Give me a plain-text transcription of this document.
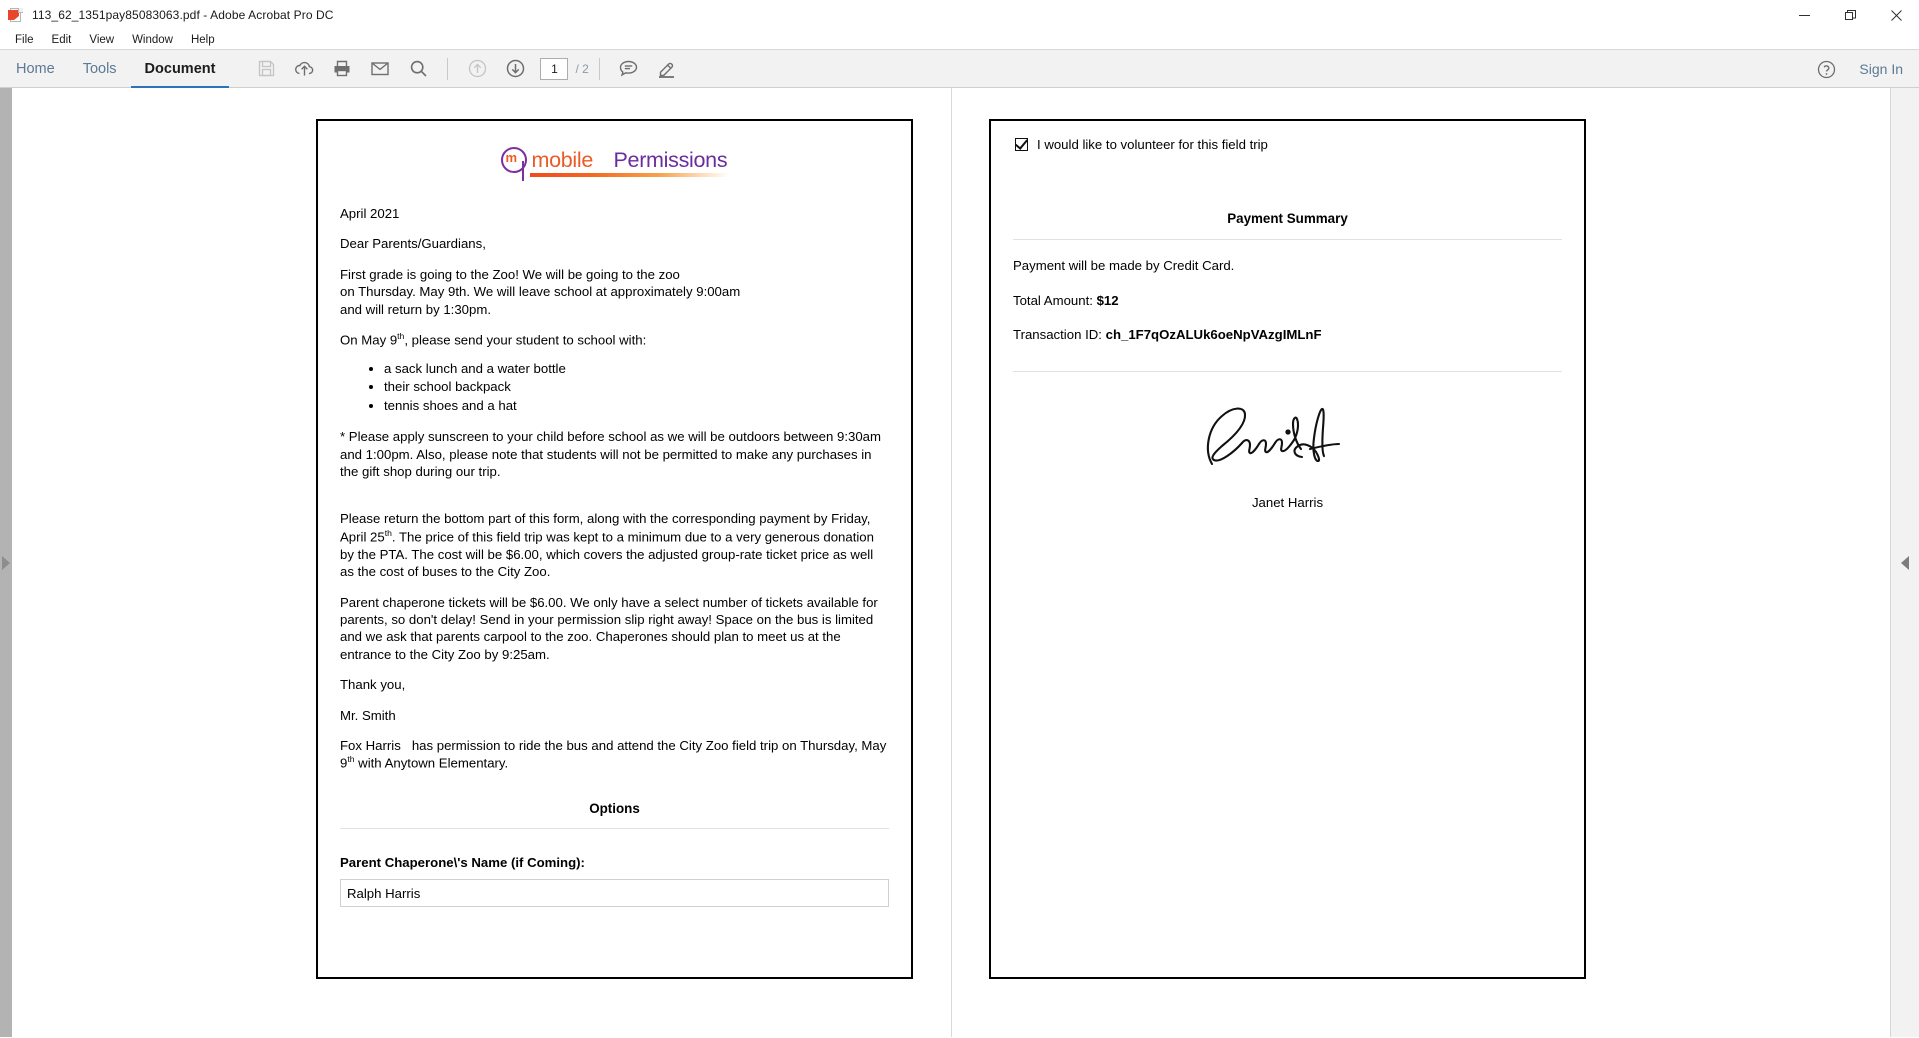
113_62_1351pay85083063.pdf - Adobe Acrobat Pro DC
File	Edit	View	Window	Help
Home	Tools	Document	1	/ 2	Sign In
m mobile Permissions

April 2021

Dear Parents/Guardians,

First grade is going to the Zoo! We will be going to the zoo
on Thursday. May 9th. We will leave school at approximately 9:00am
and will return by 1:30pm.

On May 9th, please send your student to school with:

• a sack lunch and a water bottle
• their school backpack
• tennis shoes and a hat

* Please apply sunscreen to your child before school as we will be outdoors between 9:30am and 1:00pm. Also, please note that students will not be permitted to make any purchases in the gift shop during our trip.

Please return the bottom part of this form, along with the corresponding payment by Friday, April 25th. The price of this field trip was kept to a minimum due to a very generous donation by the PTA. The cost will be $6.00, which covers the adjusted group-rate ticket price as well as the cost of buses to the City Zoo.

Parent chaperone tickets will be $6.00. We only have a select number of tickets available for parents, so don't delay! Send in your permission slip right away! Space on the bus is limited and we ask that parents carpool to the zoo. Chaperones should plan to meet us at the entrance to the City Zoo by 9:25am.

Thank you,

Mr. Smith

Fox Harris has permission to ride the bus and attend the City Zoo field trip on Thursday, May 9th with Anytown Elementary.

Options
Parent Chaperone\'s Name (if Coming):
Ralph Harris
I would like to volunteer for this field trip
Payment Summary
Payment will be made by Credit Card.
Total Amount: $12
Transaction ID: ch_1F7qOzALUk6oeNpVAzgIMLnF
Janet Harris
